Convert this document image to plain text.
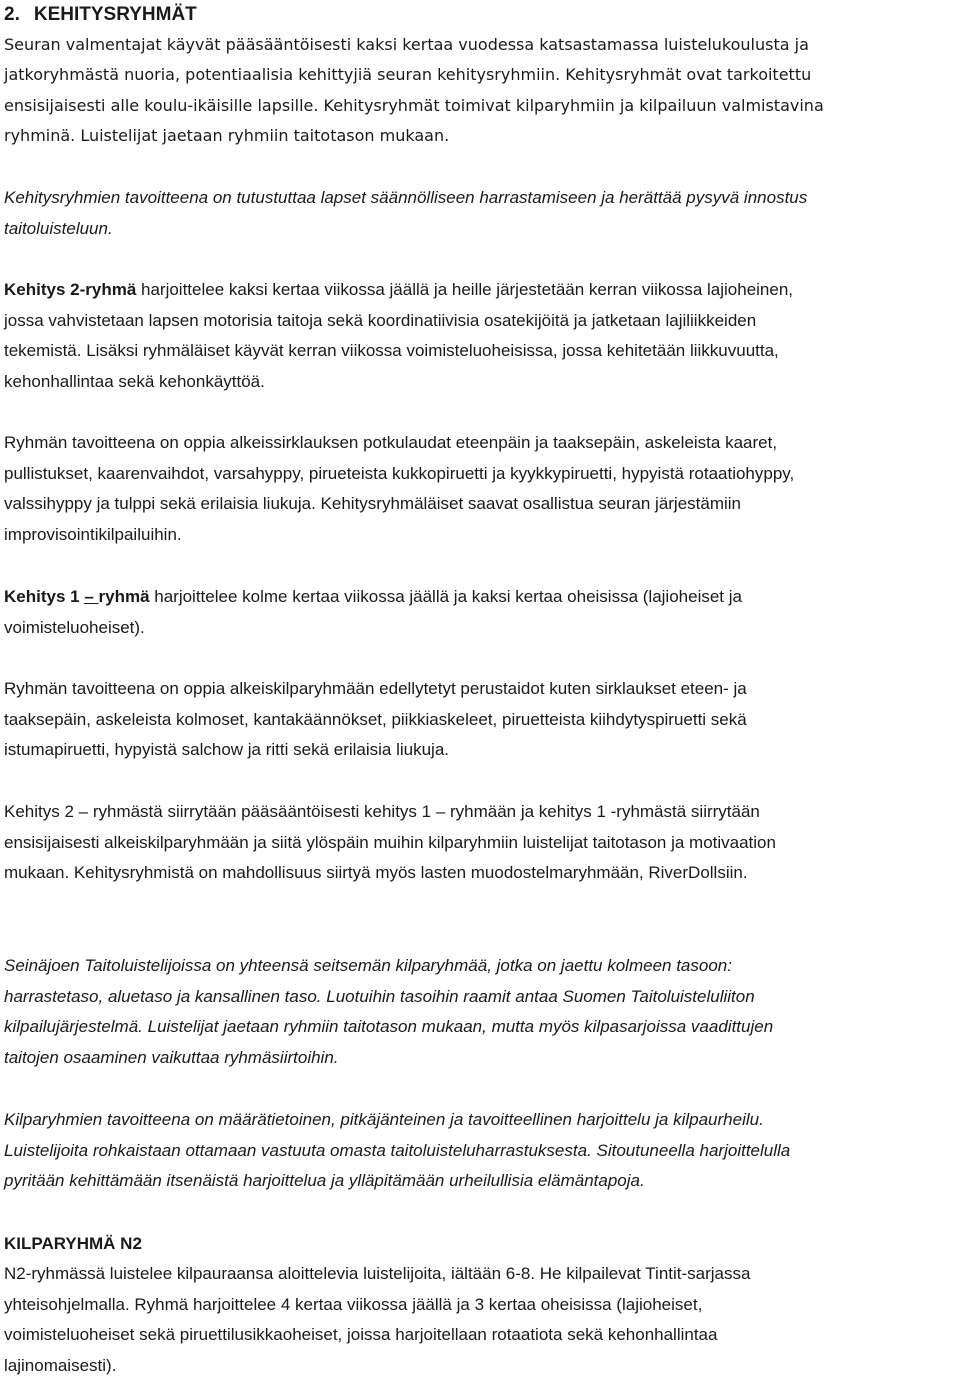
2. KEHITYSRYHMÄT

Seuran valmentajat käyvät pääsääntöisesti kaksi kertaa vuodessa katsastamassa luistelukoulusta ja
jatkoryhmästä nuoria, potentiaalisia kehittyjiä seuran kehitysryhmiin. Kehitysryhmät ovat tarkoitettu
ensisijaisesti alle koulu-ikäisille lapsille. Kehitysryhmät toimivat kilparyhmiin ja kilpailuun valmistavina
ryhminä. Luistelijat jaetaan ryhmiin taitotason mukaan.

Kehitysryhmien tavoitteena on tutustuttaa lapset säännölliseen harrastamiseen ja herättää pysyvä innostus
taitoluisteluun.

Kehitys 2-ryhmä harjoittelee kaksi kertaa viikossa jäällä ja heille järjestetään kerran viikossa lajioheinen,
jossa vahvistetaan lapsen motorisia taitoja sekä koordinatiivisia osatekijöitä ja jatketaan lajiliikkeiden
tekemistä. Lisäksi ryhmäläiset käyvät kerran viikossa voimisteluoheisissa, jossa kehitetään liikkuvuutta,
kehonhallintaa sekä kehonkäyttöä.

Ryhmän tavoitteena on oppia alkeissirklauksen potkulaudat eteenpäin ja taaksepäin, askeleista kaaret,
pullistukset, kaarenvaihdot, varsahyppy, pirueteista kukkopiruetti ja kyykkypiruetti, hypyistä rotaatiohyppy,
valssihyppy ja tulppi sekä erilaisia liukuja. Kehitysryhmäläiset saavat osallistua seuran järjestämiin
improvisointikilpailuihin.

Kehitys 1 – ryhmä harjoittelee kolme kertaa viikossa jäällä ja kaksi kertaa oheisissa (lajioheiset ja
voimisteluoheiset).

Ryhmän tavoitteena on oppia alkeiskilparyhmään edellytetyt perustaidot kuten sirklaukset eteen- ja
taaksepäin, askeleista kolmoset, kantakäännökset, piikkiaskeleet, piruetteista kiihdytyspiruetti sekä
istumapiruetti, hypyistä salchow ja ritti sekä erilaisia liukuja.

Kehitys 2 – ryhmästä siirrytään pääsääntöisesti kehitys 1 – ryhmään ja kehitys 1 -ryhmästä siirrytään
ensisijaisesti alkeiskilparyhmään ja siitä ylöspäin muihin kilparyhmiin luistelijat taitotason ja motivaation
mukaan. Kehitysryhmistä on mahdollisuus siirtyä myös lasten muodostelmaryhmään, RiverDollsiin.

Seinäjoen Taitoluistelijoissa on yhteensä seitsemän kilparyhmää, jotka on jaettu kolmeen tasoon:
harrastetaso, aluetaso ja kansallinen taso. Luotuihin tasoihin raamit antaa Suomen Taitoluisteluliiton
kilpailujärjestelmä. Luistelijat jaetaan ryhmiin taitotason mukaan, mutta myös kilpasarjoissa vaadittujen
taitojen osaaminen vaikuttaa ryhmäsiirtoihin.

Kilparyhmien tavoitteena on määrätietoinen, pitkäjänteinen ja tavoitteellinen harjoittelu ja kilpaurheilu.
Luistelijoita rohkaistaan ottamaan vastuuta omasta taitoluisteluharrastuksesta. Sitoutuneella harjoittelulla
pyritään kehittämään itsenäistä harjoittelua ja ylläpitämään urheilullisia elämäntapoja.

KILPARYHMÄ N2

N2-ryhmässä luistelee kilpauraansa aloittelevia luistelijoita, iältään 6-8. He kilpailevat Tintit-sarjassa
yhteisohjelmalla. Ryhmä harjoittelee 4 kertaa viikossa jäällä ja 3 kertaa oheisissa (lajioheiset,
voimisteluoheiset sekä piruettilusikkaoheiset, joissa harjoitellaan rotaatiota sekä kehonhallintaa
lajinomaisesti).
